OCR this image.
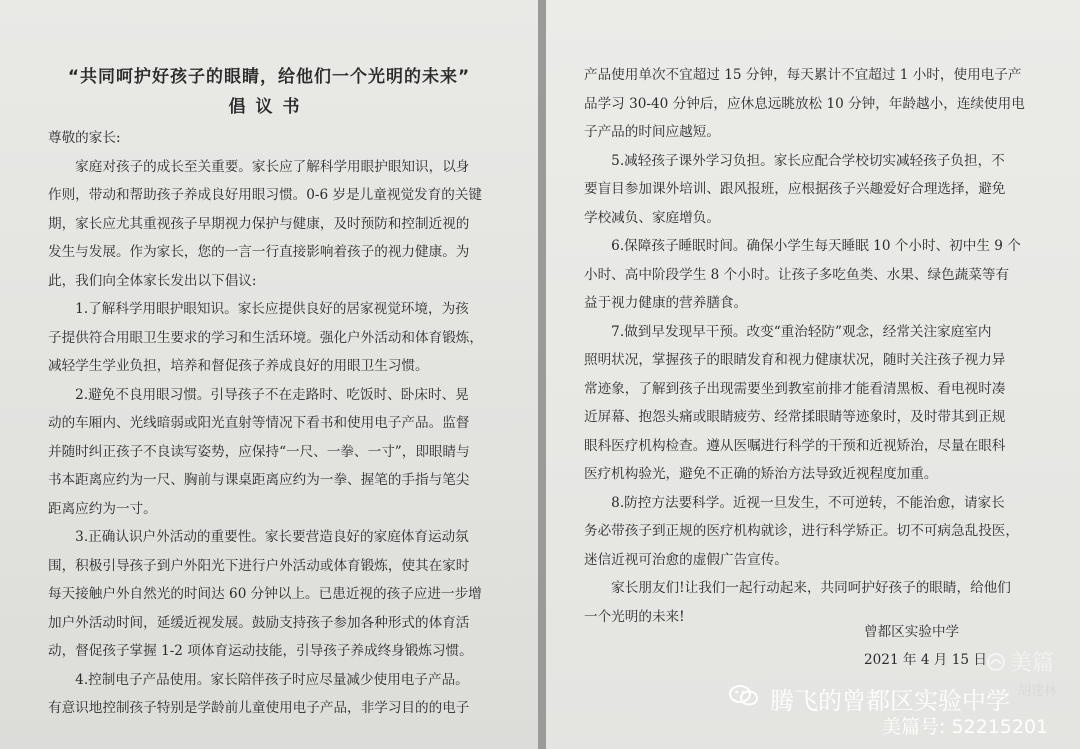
“共同呵护好孩子的眼睛，给他们一个光明的未来”
倡议书
尊敬的家长:
　　家庭对孩子的成长至关重要。家长应了解科学用眼护眼知识，以身
作则，带动和帮助孩子养成良好用眼习惯。0-6 岁是儿童视觉发育的关键
期，家长应尤其重视孩子早期视力保护与健康，及时预防和控制近视的
发生与发展。作为家长，您的一言一行直接影响着孩子的视力健康。为
此，我们向全体家长发出以下倡议:
　　1.了解科学用眼护眼知识。家长应提供良好的居家视觉环境，为孩
子提供符合用眼卫生要求的学习和生活环境。强化户外活动和体育锻炼，
减轻学生学业负担，培养和督促孩子养成良好的用眼卫生习惯。
　　2.避免不良用眼习惯。引导孩子不在走路时、吃饭时、卧床时、晃
动的车厢内、光线暗弱或阳光直射等情况下看书和使用电子产品。监督
并随时纠正孩子不良读写姿势，应保持“一尺、一拳、一寸”，即眼睛与
书本距离应约为一尺、胸前与课桌距离应约为一拳、握笔的手指与笔尖
距离应约为一寸。
　　3.正确认识户外活动的重要性。家长要营造良好的家庭体育运动氛
围，积极引导孩子到户外阳光下进行户外活动或体育锻炼，使其在家时
每天接触户外自然光的时间达 60 分钟以上。已患近视的孩子应进一步增
加户外活动时间，延缓近视发展。鼓励支持孩子参加各种形式的体育活
动，督促孩子掌握 1-2 项体育运动技能，引导孩子养成终身锻炼习惯。
　　4.控制电子产品使用。家长陪伴孩子时应尽量减少使用电子产品。
有意识地控制孩子特别是学龄前儿童使用电子产品，非学习目的的电子
产品使用单次不宜超过 15 分钟，每天累计不宜超过 1 小时，使用电子产
品学习 30-40 分钟后，应休息远眺放松 10 分钟，年龄越小，连续使用电
子产品的时间应越短。
　　5.减轻孩子课外学习负担。家长应配合学校切实减轻孩子负担，不
要盲目参加课外培训、跟风报班，应根据孩子兴趣爱好合理选择，避免
学校减负、家庭增负。
　　6.保障孩子睡眠时间。确保小学生每天睡眠 10 个小时、初中生 9 个
小时、高中阶段学生 8 个小时。让孩子多吃鱼类、水果、绿色蔬菜等有
益于视力健康的营养膳食。
　　7.做到早发现早干预。改变“重治轻防”观念，经常关注家庭室内
照明状况，掌握孩子的眼睛发育和视力健康状况，随时关注孩子视力异
常迹象，了解到孩子出现需要坐到教室前排才能看清黑板、看电视时凑
近屏幕、抱怨头痛或眼睛疲劳、经常揉眼睛等迹象时，及时带其到正规
眼科医疗机构检查。遵从医嘱进行科学的干预和近视矫治，尽量在眼科
医疗机构验光，避免不正确的矫治方法导致近视程度加重。
　　8.防控方法要科学。近视一旦发生，不可逆转，不能治愈，请家长
务必带孩子到正规的医疗机构就诊，进行科学矫正。切不可病急乱投医，
迷信近视可治愈的虚假广告宣传。
　　家长朋友们!让我们一起行动起来，共同呵护好孩子的眼睛，给他们
一个光明的未来!
曾都区实验中学
2021 年 4 月 15 日 美篇
胡建林
腾飞的曾都区实验中学
美篇号: 52215201
